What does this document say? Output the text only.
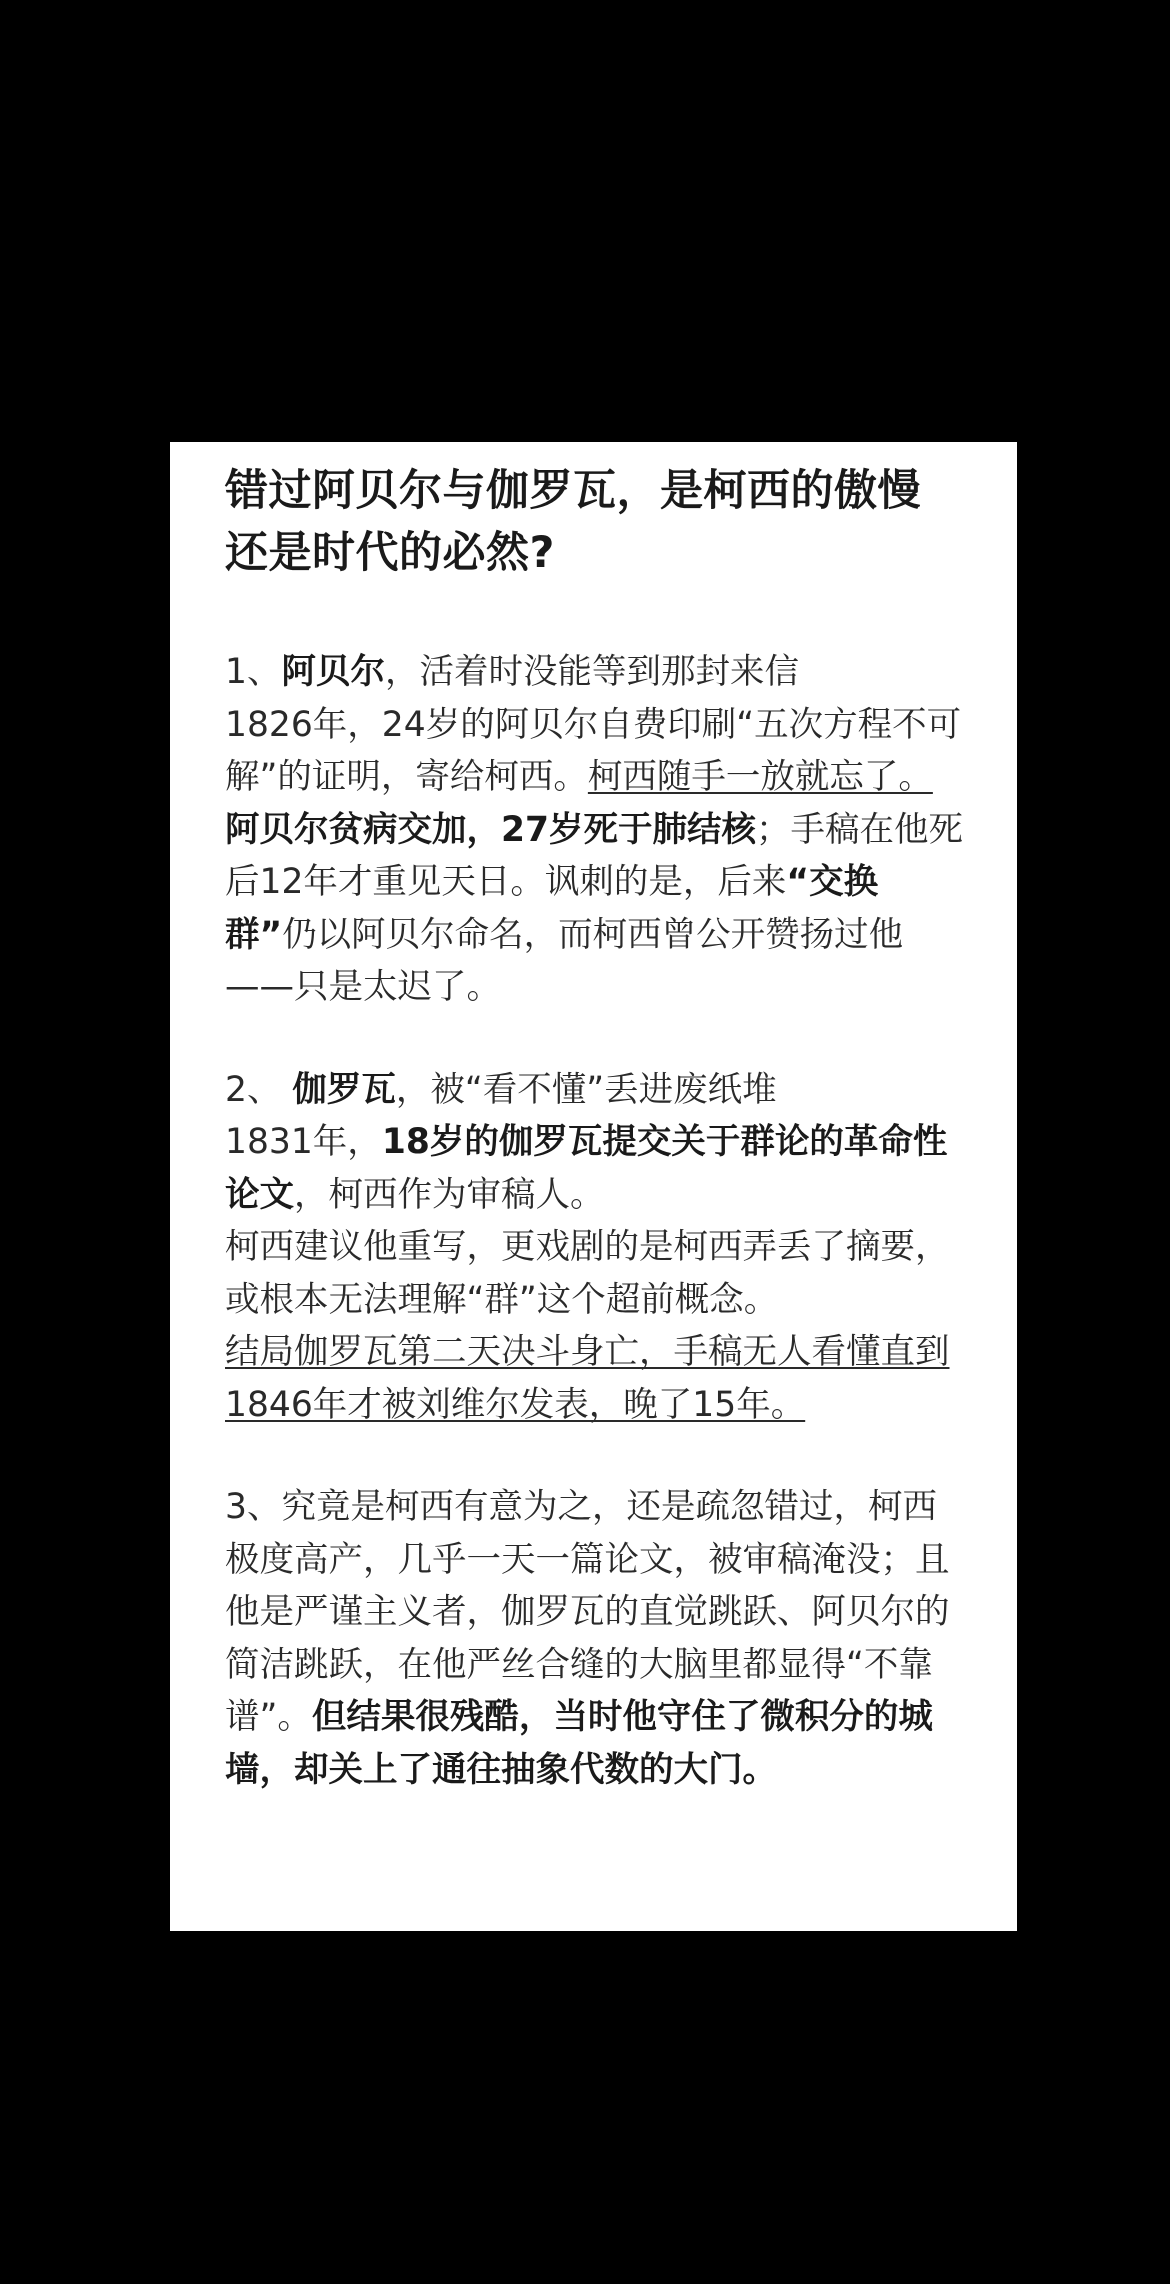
错过阿贝尔与伽罗瓦，是柯西的傲慢还是时代的必然?

1、阿贝尔，活着时没能等到那封来信

1826年，24岁的阿贝尔自费印刷“五次方程不可解”的证明，寄给柯西。柯西随手一放就忘了。

阿贝尔贫病交加，27岁死于肺结核；手稿在他死后12年才重见天日。讽刺的是，后来“交换群”仍以阿贝尔命名，而柯西曾公开赞扬过他——只是太迟了。

2、 伽罗瓦，被“看不懂”丢进废纸堆

1831年，18岁的伽罗瓦提交关于群论的革命性论文，柯西作为审稿人。

柯西建议他重写，更戏剧的是柯西弄丢了摘要，或根本无法理解“群”这个超前概念。

结局伽罗瓦第二天决斗身亡，手稿无人看懂直到1846年才被刘维尔发表，晚了15年。

3、究竟是柯西有意为之，还是疏忽错过，柯西极度高产，几乎一天一篇论文，被审稿淹没；且他是严谨主义者，伽罗瓦的直觉跳跃、阿贝尔的简洁跳跃，在他严丝合缝的大脑里都显得“不靠谱”。但结果很残酷，当时他守住了微积分的城墙，却关上了通往抽象代数的大门。
